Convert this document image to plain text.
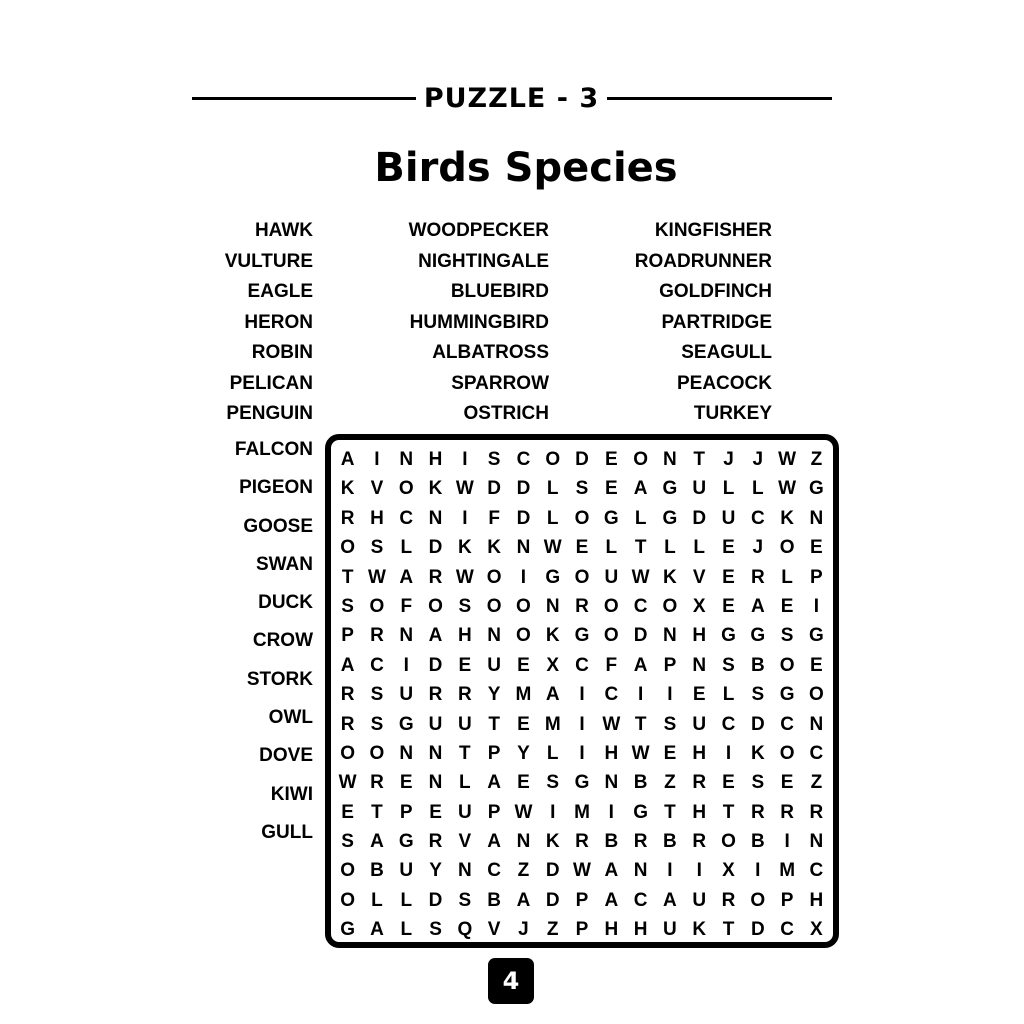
PUZZLE - 3
Birds Species
HAWK
VULTURE
EAGLE
HERON
ROBIN
PELICAN
PENGUIN
WOODPECKER
NIGHTINGALE
BLUEBIRD
HUMMINGBIRD
ALBATROSS
SPARROW
OSTRICH
KINGFISHER
ROADRUNNER
GOLDFINCH
PARTRIDGE
SEAGULL
PEACOCK
TURKEY
FALCON
PIGEON
GOOSE
SWAN
DUCK
CROW
STORK
OWL
DOVE
KIWI
GULL
A	I	N H	I	S C O D E O N T J J W Z
K V O K W D D L S E A G U L L W G
R H C N	I	F D L O G L G D U C K N
O S L D K K N W E L T L L E J O E
T W A R W O	I	G O U W K V E R L P
S O F O S O O N R O C O X E A E	I
P R N A H N O K G O D N H G G S G
A C	I	D E U E X C F A P N S B O E
R S U R R Y M A	I	C	I	I	E L S G O
R S G U U T E M I W T S U C D C N
O O N N T P Y L	I	H W E H	I	K O C
W R E N L A E S G N B Z R E S E Z
E T P E U P W I M I	G T H T R R R
S A G R V A N K R B R B R O B	I	N
O B U Y N C Z D W A N	I	I	X	I M C
O L L D S B A D P A C A U R O P H
G A L S Q V J Z P H H U K T D C X
4
